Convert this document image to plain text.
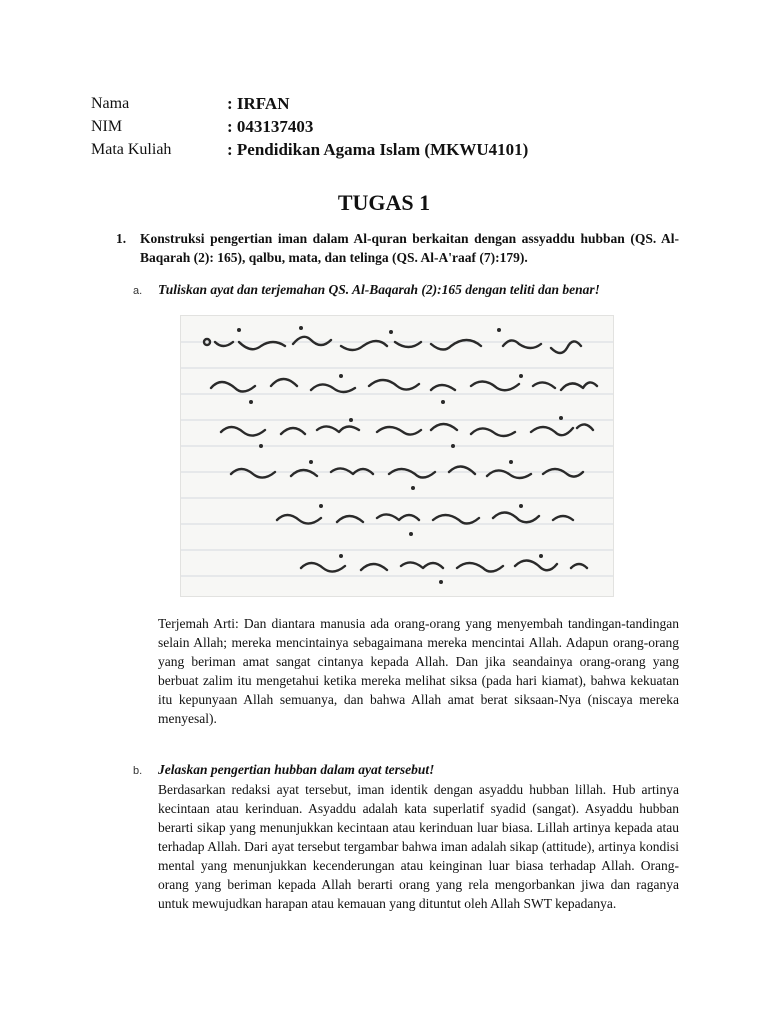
Nama	: IRFAN
NIM	: 043137403
Mata Kuliah	: Pendidikan Agama Islam (MKWU4101)
TUGAS 1
1.	Konstruksi pengertian iman dalam Al-quran berkaitan dengan assyaddu hubban (QS. Al-Baqarah (2): 165), qalbu, mata, dan telinga (QS. Al-A'raaf (7):179).
a.	Tuliskan ayat dan terjemahan QS. Al-Baqarah (2):165 dengan teliti dan benar!
Terjemah Arti: Dan diantara manusia ada orang-orang yang menyembah tandingan-tandingan selain Allah; mereka mencintainya sebagaimana mereka mencintai Allah. Adapun orang-orang yang beriman amat sangat cintanya kepada Allah. Dan jika seandainya orang-orang yang berbuat zalim itu mengetahui ketika mereka melihat siksa (pada hari kiamat), bahwa kekuatan itu kepunyaan Allah semuanya, dan bahwa Allah amat berat siksaan-Nya (niscaya mereka menyesal).
b.	Jelaskan pengertian hubban dalam ayat tersebut!
Berdasarkan redaksi ayat tersebut, iman identik dengan asyaddu hubban lillah. Hub artinya kecintaan atau kerinduan. Asyaddu adalah kata superlatif syadid (sangat). Asyaddu hubban berarti sikap yang menunjukkan kecintaan atau kerinduan luar biasa. Lillah artinya kepada atau terhadap Allah. Dari ayat tersebut tergambar bahwa iman adalah sikap (attitude), artinya kondisi mental yang menunjukkan kecenderungan atau keinginan luar biasa terhadap Allah. Orang-orang yang beriman kepada Allah berarti orang yang rela mengorbankan jiwa dan raganya untuk mewujudkan harapan atau kemauan yang dituntut oleh Allah SWT kepadanya.
